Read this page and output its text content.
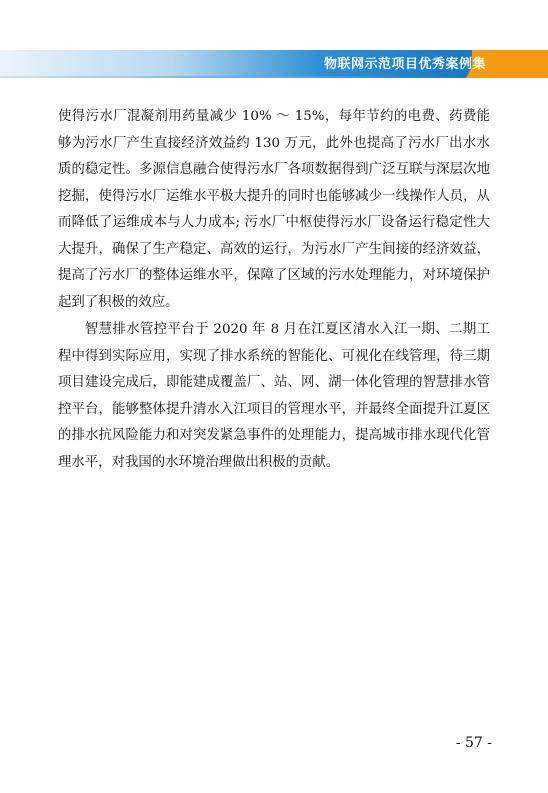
物联网示范项目优秀案例集

使得污水厂混凝剂用药量减少 10% ～ 15%，每年节约的电费、药费能够为污水厂产生直接经济效益约 130 万元，此外也提高了污水厂出水水质的稳定性。多源信息融合使得污水厂各项数据得到广泛互联与深层次地挖掘，使得污水厂运维水平极大提升的同时也能够减少一线操作人员，从而降低了运维成本与人力成本; 污水厂中枢使得污水厂设备运行稳定性大大提升，确保了生产稳定、高效的运行，为污水厂产生间接的经济效益，提高了污水厂的整体运维水平，保障了区域的污水处理能力，对环境保护起到了积极的效应。

智慧排水管控平台于 2020 年 8 月在江夏区清水入江一期、二期工程中得到实际应用，实现了排水系统的智能化、可视化在线管理，待三期项目建设完成后，即能建成覆盖厂、站、网、湖一体化管理的智慧排水管控平台，能够整体提升清水入江项目的管理水平，并最终全面提升江夏区的排水抗风险能力和对突发紧急事件的处理能力，提高城市排水现代化管理水平，对我国的水环境治理做出积极的贡献。

- 57 -
